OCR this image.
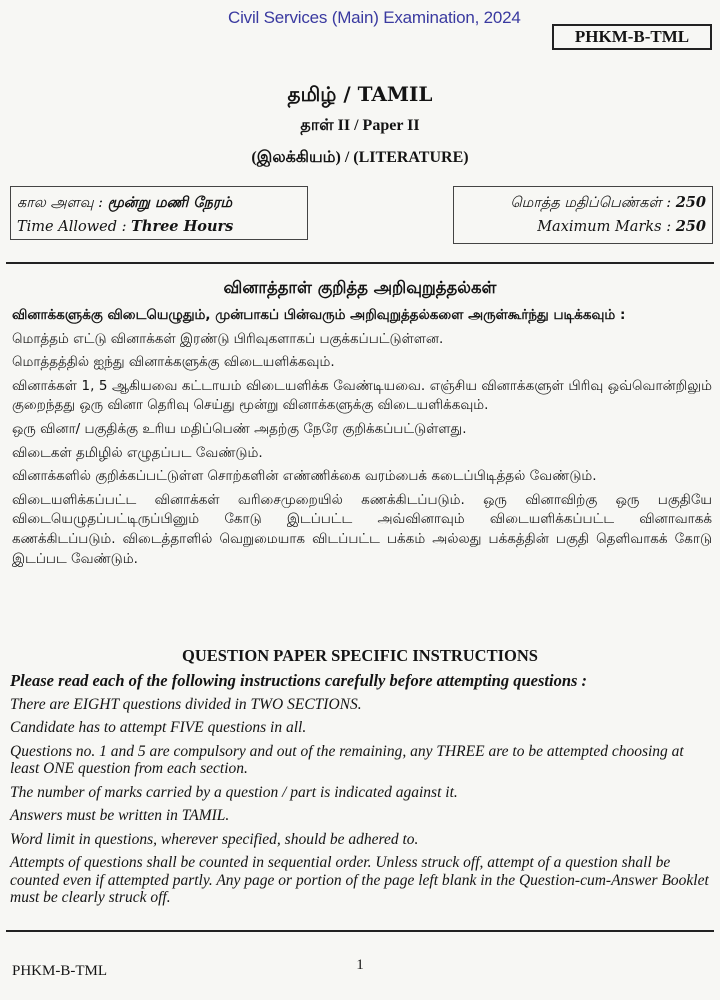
Civil Services (Main) Examination, 2024
PHKM-B-TML
தமிழ் / TAMIL
தாள் II / Paper II
(இலக்கியம்) / (LITERATURE)
கால அளவு : மூன்று மணி நேரம்
Time Allowed : Three Hours
மொத்த மதிப்பெண்கள் : 250
Maximum Marks : 250
வினாத்தாள் குறித்த அறிவுறுத்தல்கள்

வினாக்களுக்கு விடையெழுதும், முன்பாகப் பின்வரும் அறிவுறுத்தல்களை அருள்கூர்ந்து படிக்கவும் :

மொத்தம் எட்டு வினாக்கள் இரண்டு பிரிவுகளாகப் பகுக்கப்பட்டுள்ளன.

மொத்தத்தில் ஐந்து வினாக்களுக்கு விடையளிக்கவும்.

வினாக்கள் 1, 5 ஆகியவை கட்டாயம் விடையளிக்க வேண்டியவை. எஞ்சிய வினாக்களுள் பிரிவு ஒவ்வொன்றிலும் குறைந்தது ஒரு வினா தெரிவு செய்து மூன்று வினாக்களுக்கு விடையளிக்கவும்.

ஒரு வினா/ பகுதிக்கு உரிய மதிப்பெண் அதற்கு நேரே குறிக்கப்பட்டுள்ளது.

விடைகள் தமிழில் எழுதப்பட வேண்டும்.

வினாக்களில் குறிக்கப்பட்டுள்ள சொற்களின் எண்ணிக்கை வரம்பைக் கடைப்பிடித்தல் வேண்டும்.

விடையளிக்கப்பட்ட வினாக்கள் வரிசைமுறையில் கணக்கிடப்படும். ஒரு வினாவிற்கு ஒரு பகுதியே விடையெழுதப்பட்டிருப்பினும் கோடு இடப்பட்ட அவ்வினாவும் விடையளிக்கப்பட்ட வினாவாகக் கணக்கிடப்படும். விடைத்தாளில் வெறுமையாக விடப்பட்ட பக்கம் அல்லது பக்கத்தின் பகுதி தெளிவாகக் கோடு இடப்பட வேண்டும்.

QUESTION PAPER SPECIFIC INSTRUCTIONS

Please read each of the following instructions carefully before attempting questions :

There are EIGHT questions divided in TWO SECTIONS.

Candidate has to attempt FIVE questions in all.

Questions no. 1 and 5 are compulsory and out of the remaining, any THREE are to be attempted choosing at least ONE question from each section.

The number of marks carried by a question / part is indicated against it.

Answers must be written in TAMIL.

Word limit in questions, wherever specified, should be adhered to.

Attempts of questions shall be counted in sequential order. Unless struck off, attempt of a question shall be counted even if attempted partly. Any page or portion of the page left blank in the Question-cum-Answer Booklet must be clearly struck off.

PHKM-B-TML	1
